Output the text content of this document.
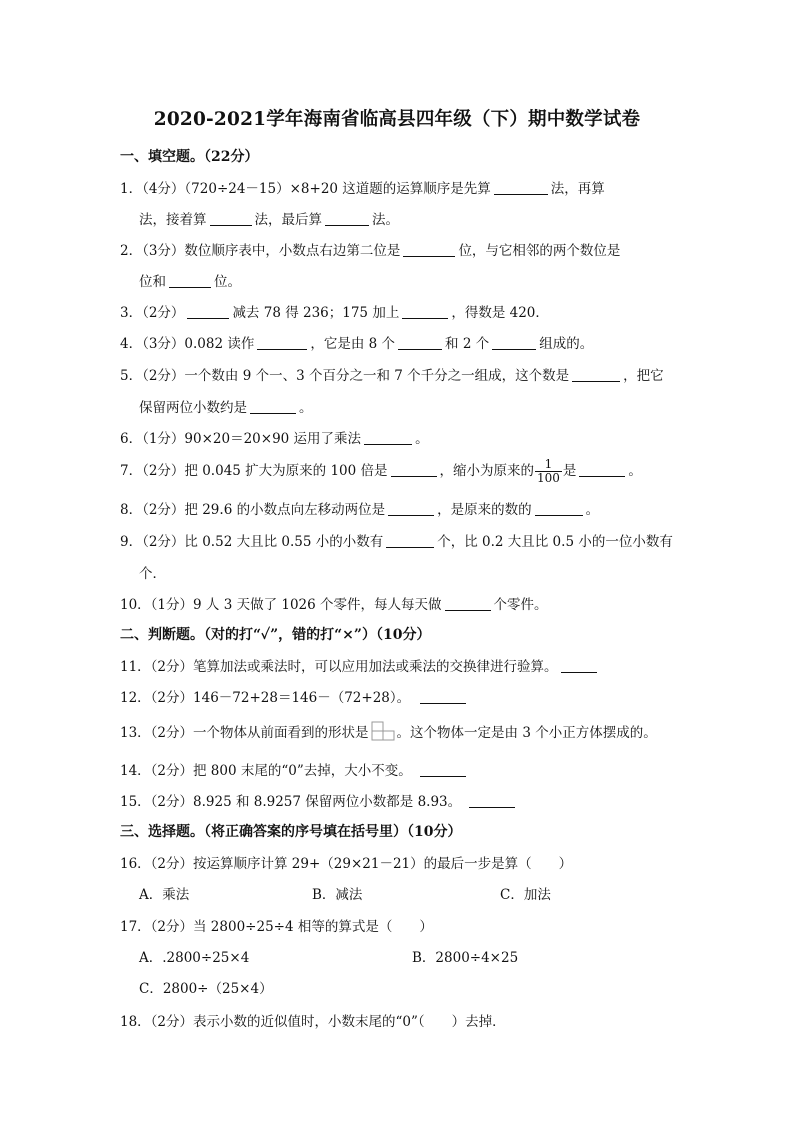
2020-2021学年海南省临高县四年级（下）期中数学试卷
一、填空题。（22分）
1．（4分）（720÷24－15）×8+20 这道题的运算顺序是先算	法，再算
法，接着算	法，最后算	法。
2．（3分）数位顺序表中，小数点右边第二位是	位，与它相邻的两个数位是
位和	位。
3．（2分）	减去 78 得 236；175 加上	，得数是 420．
4．（3分）0.082 读作	，它是由 8 个	和 2 个	组成的。
5．（2分）一个数由 9 个一、3 个百分之一和 7 个千分之一组成，这个数是	，把它
保留两位小数约是	。
6．（1分）90×20＝20×90 运用了乘法	。
7．（2分）把 0.045 扩大为原来的 100 倍是	，缩小为原来的 $\frac{1}{100}$ 是	。
8．（2分）把 29.6 的小数点向左移动两位是	，是原来的数的	。
9．（2分）比 0.52 大且比 0.55 小的小数有	个，比 0.2 大且比 0.5 小的一位小数有
个．
10．（1分）9 人 3 天做了 1026 个零件，每人每天做	个零件。
二、判断题。（对的打“✓”，错的打“×”）（10分）
11．（2分）笔算加法或乘法时，可以应用加法或乘法的交换律进行验算。
12．（2分）146－72+28＝146－（72+28）。
13．（2分）一个物体从前面看到的形状是 。这个物体一定是由 3 个小正方体摆成的。
14．（2分）把 800 末尾的“0”去掉，大小不变。
15．（2分）8.925 和 8.9257 保留两位小数都是 8.93。
三、选择题。（将正确答案的序号填在括号里）（10分）
16．（2分）按运算顺序计算 29+（29×21－21）的最后一步是算（　　）
A．乘法	B．减法	C．加法
17．（2分）当 2800÷25÷4 相等的算式是（　　）
A．.2800÷25×4	B．2800÷4×25
C．2800÷（25×4）
18．（2分）表示小数的近似值时，小数末尾的“0”（　　）去掉．
